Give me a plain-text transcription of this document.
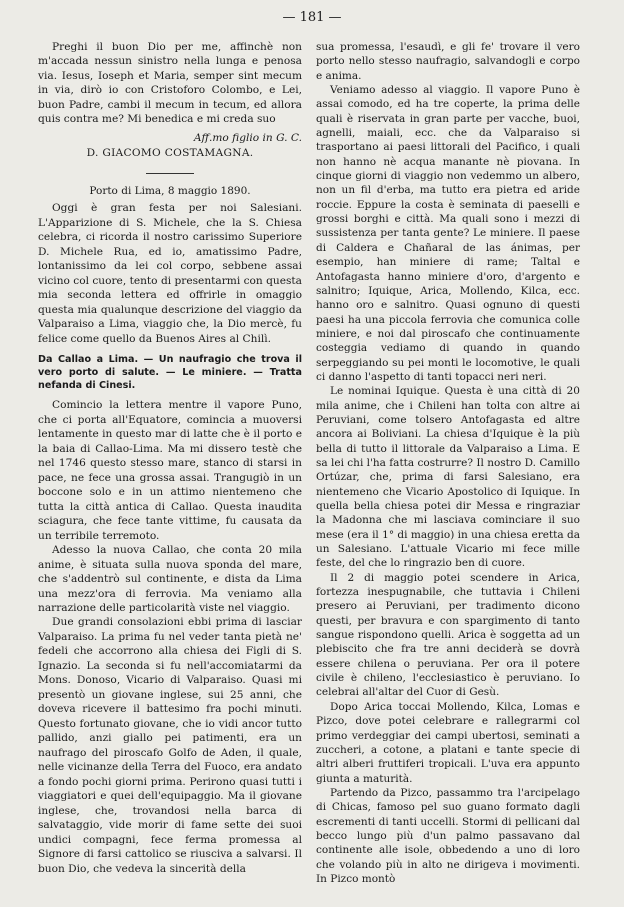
— 181 —

Preghi il buon Dio per me, affinchè non m'accada nessun sinistro nella lunga e penosa via. Iesus, Ioseph et Maria, semper sint mecum in via, dirò io con Cristoforo Colombo, e Lei, buon Padre, cambi il mecum in tecum, ed allora quis contra me? Mi benedica e mi creda suo

Aff.mo figlio in G. C.
D. GIACOMO COSTAMAGNA.
Porto di Lima, 8 maggio 1890.

Oggi è gran festa per noi Salesiani. L'Apparizione di S. Michele, che la S. Chiesa celebra, ci ricorda il nostro carissimo Superiore D. Michele Rua, ed io, amatissimo Padre, lontanissimo da lei col corpo, sebbene assai vicino col cuore, tento di presentarmi con questa mia seconda lettera ed offrirle in omaggio questa mia qualunque descrizione del viaggio da Valparaiso a Lima, viaggio che, la Dio mercè, fu felice come quello da Buenos Aires al Chilì.

Da Callao a Lima. — Un naufragio che trova il vero porto di salute. — Le miniere. — Tratta nefanda di Cinesi.

Comincio la lettera mentre il vapore Puno, che ci porta all'Equatore, comincia a muoversi lentamente in questo mar di latte che è il porto e la baia di Callao-Lima. Ma mi dissero testè che nel 1746 questo stesso mare, stanco di starsi in pace, ne fece una grossa assai. Trangugiò in un boccone solo e in un attimo nientemeno che tutta la città antica di Callao. Questa inaudita sciagura, che fece tante vittime, fu causata da un terribile terremoto.

Adesso la nuova Callao, che conta 20 mila anime, è situata sulla nuova sponda del mare, che s'addentrò sul continente, e dista da Lima una mezz'ora di ferrovia. Ma veniamo alla narrazione delle particolarità viste nel viaggio.

Due grandi consolazioni ebbi prima di lasciar Valparaiso. La prima fu nel veder tanta pietà ne' fedeli che accorrono alla chiesa dei Figli di S. Ignazio. La seconda si fu nell'accomiatarmi da Mons. Donoso, Vicario di Valparaiso. Quasi mi presentò un giovane inglese, sui 25 anni, che doveva ricevere il battesimo fra pochi minuti. Questo fortunato giovane, che io vidi ancor tutto pallido, anzi giallo pei patimenti, era un naufrago del piroscafo Golfo de Aden, il quale, nelle vicinanze della Terra del Fuoco, era andato a fondo pochi giorni prima. Perirono quasi tutti i viaggiatori e quei dell'equipaggio. Ma il giovane inglese, che, trovandosi nella barca di salvataggio, vide morir di fame sette dei suoi undici compagni, fece ferma promessa al Signore di farsi cattolico se riusciva a salvarsi. Il buon Dio, che vedeva la sincerità della

sua promessa, l'esaudì, e gli fe' trovare il vero porto nello stesso naufragio, salvandogli e corpo e anima.

Veniamo adesso al viaggio. Il vapore Puno è assai comodo, ed ha tre coperte, la prima delle quali è riservata in gran parte per vacche, buoi, agnelli, maiali, ecc. che da Valparaiso si trasportano ai paesi littorali del Pacifico, i quali non hanno nè acqua manante nè piovana. In cinque giorni di viaggio non vedemmo un albero, non un fil d'erba, ma tutto era pietra ed aride roccie. Eppure la costa è seminata di paeselli e grossi borghi e città. Ma quali sono i mezzi di sussistenza per tanta gente? Le miniere. Il paese di Caldera e Chañaral de las ánimas, per esempio, han miniere di rame; Taltal e Antofagasta hanno miniere d'oro, d'argento e salnitro; Iquique, Arica, Mollendo, Kilca, ecc. hanno oro e salnitro. Quasi ognuno di questi paesi ha una piccola ferrovia che comunica colle miniere, e noi dal piroscafo che continuamente costeggia vediamo di quando in quando serpeggiando su pei monti le locomotive, le quali ci danno l'aspetto di tanti topacci neri neri.

Le nominai Iquique. Questa è una città di 20 mila anime, che i Chileni han tolta con altre ai Peruviani, come tolsero Antofagasta ed altre ancora ai Boliviani. La chiesa d'Iquique è la più bella di tutto il littorale da Valparaiso a Lima. E sa lei chi l'ha fatta costrurre? Il nostro D. Camillo Ortúzar, che, prima di farsi Salesiano, era nientemeno che Vicario Apostolico di Iquique. In quella bella chiesa potei dir Messa e ringraziar la Madonna che mi lasciava cominciare il suo mese (era il 1° di maggio) in una chiesa eretta da un Salesiano. L'attuale Vicario mi fece mille feste, del che lo ringrazio ben di cuore.

Il 2 di maggio potei scendere in Arica, fortezza inespugnabile, che tuttavia i Chileni presero ai Peruviani, per tradimento dicono questi, per bravura e con spargimento di tanto sangue rispondono quelli. Arica è soggetta ad un plebiscito che fra tre anni deciderà se dovrà essere chilena o peruviana. Per ora il potere civile è chileno, l'ecclesiastico è peruviano. Io celebrai all'altar del Cuor di Gesù.

Dopo Arica toccai Mollendo, Kilca, Lomas e Pizco, dove potei celebrare e rallegrarmi col primo verdeggiar dei campi ubertosi, seminati a zuccheri, a cotone, a platani e tante specie di altri alberi fruttiferi tropicali. L'uva era appunto giunta a maturità.

Partendo da Pizco, passammo tra l'arcipelago di Chicas, famoso pel suo guano formato dagli escrementi di tanti uccelli. Stormi di pellicani dal becco lungo più d'un palmo passavano dal continente alle isole, obbedendo a uno di loro che volando più in alto ne dirigeva i movimenti. In Pizco montò
